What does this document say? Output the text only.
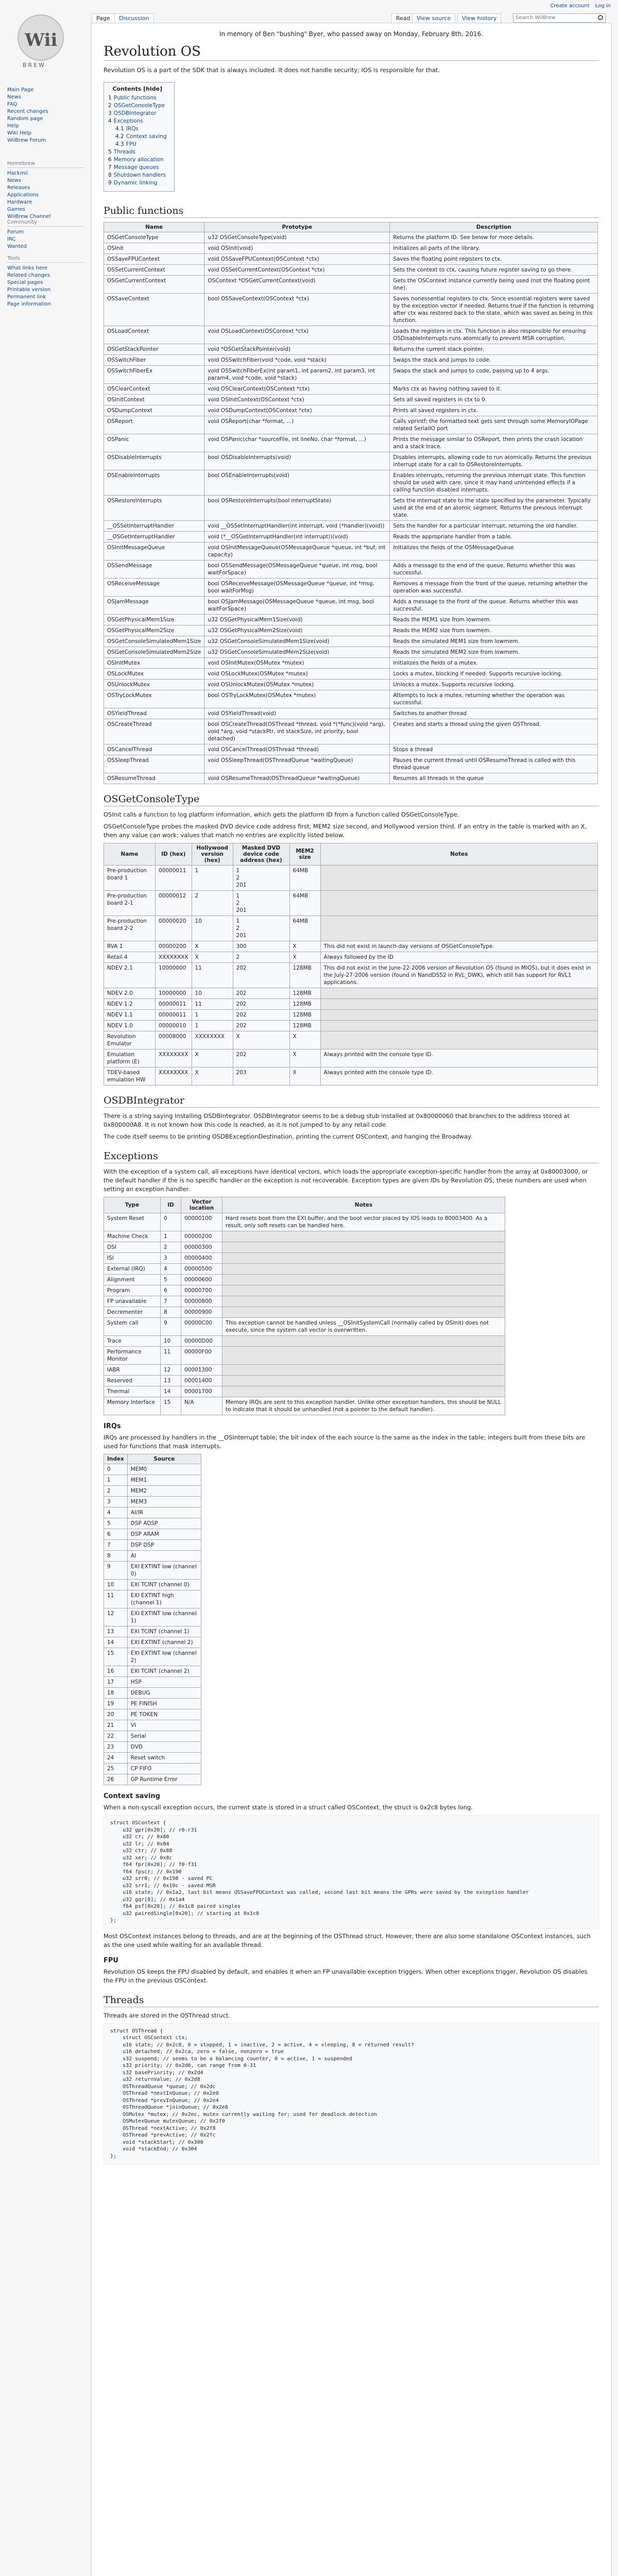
Wii
BREW
Main Page
News
FAQ
Recent changes
Random page
Help
Wiki Help
WiiBrew Forum
Homebrew
Hackmii
News
Releases
Applications
Hardware
Games
WiiBrew Channel
Community
Forum
IRC
Wanted
Tools
What links here
Related changes
Special pages
Printable version
Permanent link
Page information
Create account Log in
Page	Discussion	Read	View source	View history	Search WiiBrew
In memory of Ben "bushing" Byer, who passed away on Monday, February 8th, 2016.
Revolution OS

Revolution OS is a part of the SDK that is always included. It does not handle security; IOS is responsible for that.

Contents [hide]
1 Public functions
2 OSGetConsoleType
3 OSDBIntegrator
4 Exceptions
4.1 IRQs
4.2 Context saving
4.3 FPU
5 Threads
6 Memory allocation
7 Message queues
8 Shutdown handlers
9 Dynamic linking
Public functions
Name	Prototype	Description
OSGetConsoleType	u32 OSGetConsoleType(void)	Returns the platform ID. See below for more details.
OSInit	void OSInit(void)	Initializes all parts of the library.
OSSaveFPUContext	void OSSaveFPUContext(OSContext *ctx)	Saves the floating point registers to ctx.
OSSetCurrentContext	void OSSetCurrentContext(OSContext *ctx)	Sets the context to ctx, causing future register saving to go there.
OSGetCurrentContext	OSContext *OSGetCurrentContext(void)	Gets the OSContext instance currently being used (not the floating point one).
OSSaveContext	bool OSSaveContext(OSContext *ctx)	Saves nonessential registers to ctx. Since essential registers were saved by the exception vector if needed. Returns true if the function is returning after ctx was restored back to the state, which was saved as being in this function.
OSLoadContext	void OSLoadContext(OSContext *ctx)	Loads the registers in ctx. This function is also responsible for ensuring OSDisableInterrupts runs atomically to prevent MSR corruption.
OSGetStackPointer	void *OSGetStackPointer(void)	Returns the current stack pointer.
OSSwitchFiber	void OSSwitchFiber(void *code, void *stack)	Swaps the stack and jumps to code.
OSSwitchFiberEx	void OSSwitchFiberEx(int param1, int param2, int param3, int param4, void *code, void *stack)	Swaps the stack and jumps to code, passing up to 4 args.
OSClearContext	void OSClearContext(OSContext *ctx)	Marks ctx as having nothing saved to it.
OSInitContext	void OSInitContext(OSContext *ctx)	Sets all saved registers in ctx to 0.
OSDumpContext	void OSDumpContext(OSContext *ctx)	Prints all saved registers in ctx.
OSReport	void OSReport(char *format, ...)	Calls vprintf; the formatted text gets sent through some MemoryIOPage related SerialIO port
OSPanic	void OSPanic(char *sourceFile, int lineNo, char *format, ...)	Prints the message similar to OSReport, then prints the crash location and a stack trace.
OSDisableInterrupts	bool OSDisableInterrupts(void)	Disables interrupts, allowing code to run atomically. Returns the previous interrupt state for a call to OSRestoreInterrupts.
OSEnableInterrupts	bool OSEnableInterrupts(void)	Enables interrupts, returning the previous interrupt state. This function should be used with care, since it may hand unintended effects if a calling function disabled interrupts.
OSRestoreInterrupts	bool OSRestoreInterrupts(bool interruptState)	Sets the interrupt state to the state specified by the parameter. Typically used at the end of an atomic segment. Returns the previous interrupt state.
__OSSetInterruptHandler	void __OSSetInterruptHandler(int interrupt, void (*handler)(void))	Sets the handler for a particular interrupt, returning the old handler.
__OSGetInterruptHandler	void (*__OSGetInterruptHandler(int interrupt))(void)	Reads the appropriate handler from a table.
OSInitMessageQueue	void OSInitMessageQueue(OSMessageQueue *queue, int *buf, int capacity)	Initializes the fields of the OSMessageQueue
OSSendMessage	bool OSSendMessage(OSMessageQueue *queue, int msg, bool waitForSpace)	Adds a message to the end of the queue. Returns whether this was successful.
OSReceiveMessage	bool OSReceiveMessage(OSMessageQueue *queue, int *msg, bool waitForMsg)	Removes a message from the front of the queue, returning whether the operation was successful.
OSJamMessage	bool OSJamMessage(OSMessageQueue *queue, int msg, bool waitForSpace)	Adds a message to the front of the queue. Returns whether this was successful.
OSGetPhysicalMem1Size	u32 OSGetPhysicalMem1Size(void)	Reads the MEM1 size from lowmem.
OSGetPhysicalMem2Size	u32 OSGetPhysicalMem2Size(void)	Reads the MEM2 size from lowmem.
OSGetConsoleSimulatedMem1Size	u32 OSGetConsoleSimulatedMem1Size(void)	Reads the simulated MEM1 size from lowmem.
OSGetConsoleSimulatedMem2Size	u32 OSGetConsoleSimulatedMem2Size(void)	Reads the simulated MEM2 size from lowmem.
OSInitMutex	void OSInitMutex(OSMutex *mutex)	Initializes the fields of a mutex.
OSLockMutex	void OSLockMutex(OSMutex *mutex)	Locks a mutex, blocking if needed. Supports recursive locking.
OSUnlockMutex	void OSUnlockMutex(OSMutex *mutex)	Unlocks a mutex. Supports recursive locking.
OSTryLockMutex	bool OSTryLockMutex(OSMutex *mutex)	Attempts to lock a mutex, returning whether the operation was successful.
OSYieldThread	void OSYieldThread(void)	Switches to another thread
OSCreateThread	bool OSCreateThread(OSThread *thread, void *(*func)(void *arg), void *arg, void *stackPtr, int stackSize, int priority, bool detached)	Creates and starts a thread using the given OSThread.
OSCancelThread	void OSCancelThread(OSThread *thread)	Stops a thread
OSSleepThread	void OSSleepThread(OSThreadQueue *waitingQueue)	Pauses the current thread until OSResumeThread is called with this thread queue
OSResumeThread	void OSResumeThread(OSThreadQueue *waitingQueue)	Resumes all threads in the queue
OSGetConsoleType

OSInit calls a function to log platform information, which gets the platform ID from a function called OSGetConsoleType.

OSGetConsoleType probes the masked DVD device code address first, MEM2 size second, and Hollywood version third. If an entry in the table is marked with an X, then any value can work; values that match no entries are explicitly listed below.

Name	ID (hex)	Hollywood version (hex)	Masked DVD device code address (hex)	MEM2 size	Notes
Pre-production board 1	00000011	1	1
2
201	64MB	
Pre-production board 2-1	00000012	2	1
2
201	64MB	
Pre-production board 2-2	00000020	10	1
2
201	64MB	
RVA 1	00000200	X	300	X	This did not exist in launch-day versions of OSGetConsoleType.
Retail 4	XXXXXXXX	X	2	X	Always followed by the ID
NDEV 2.1	10000000	11	202	128MB	This did not exist in the June-22-2006 version of Revolution OS (found in MIOS), but it does exist in the July-27-2006 version (found in NandDS52 in RVL_DWK), which still has support for RVL1 applications.
NDEV 2.0	10000000	10	202	128MB	
NDEV 1.2	00000011	11	202	128MB	
NDEV 1.1	00000011	1	202	128MB	
NDEV 1.0	00000010	1	202	128MB	
Revolution Emulator	00008000	XXXXXXXX	X	X	
Emulation platform (E)	XXXXXXXX	X	202	X	Always printed with the console type ID.
TDEV-based emulation HW	XXXXXXXX	X	203	X	Always printed with the console type ID.
OSDBIntegrator

There is a string saying Installing OSDBIntegrator. OSDBIntegrator seems to be a debug stub installed at 0x80000060 that branches to the address stored at 0x800000A8. It is not known how this code is reached, as it is not jumped to by any retail code.

The code itself seems to be printing OSDBExceptionDestination, printing the current OSContext, and hanging the Broadway.

Exceptions

With the exception of a system call, all exceptions have identical vectors, which loads the appropriate exception-specific handler from the array at 0x80003000, or the default handler if the is no specific handler or the exception is not recoverable. Exception types are given IDs by Revolution OS; these numbers are used when setting an exception handler.

Type	ID	Vector location	Notes
System Reset	0	00000100	Hard resets boot from the EXI buffer, and the boot vector placed by IOS leads to 80003400. As a result, only soft resets can be handled here.
Machine Check	1	00000200	
DSI	2	00000300	
ISI	3	00000400	
External (IRQ)	4	00000500	
Alignment	5	00000600	
Program	6	00000700	
FP unavailable	7	00000800	
Decrementer	8	00000900	
System call	9	00000C00	This exception cannot be handled unless __OSInitSystemCall (normally called by OSInit) does not execute, since the system call vector is overwritten.
Trace	10	00000D00	
Performance Monitor	11	00000F00	
IABR	12	00001300	
Reserved	13	00001400	
Thermal	14	00001700	
Memory Interface	15	N/A	Memory IRQs are sent to this exception handler. Unlike other exception handlers, this should be NULL to indicate that it should be unhandled (not a pointer to the default handler).
IRQs

IRQs are processed by handlers in the __OSInterrupt table; the bit index of the each source is the same as the index in the table; integers built from these bits are used for functions that mask interrupts.

Index	Source
0	MEM0
1	MEM1
2	MEM2
3	MEM3
4	AI/IR
5	DSP ADSP
6	DSP ARAM
7	DSP DSP
8	AI
9	EXI EXTINT low (channel 0)
10	EXI TCINT (channel 0)
11	EXI EXTINT high (channel 1)
12	EXI EXTINT low (channel 1)
13	EXI TCINT (channel 1)
14	EXI EXTINT (channel 2)
15	EXI EXTINT low (channel 2)
16	EXI TCINT (channel 2)
17	HSP
18	DEBUG
19	PE FINISH
20	PE TOKEN
21	VI
22	Serial
23	DVD
24	Reset switch
25	CP FIFO
26	GP Runtime Error
Context saving

When a non-syscall exception occurs, the current state is stored in a struct called OSContext, the struct is 0x2c8 bytes long.

struct OSContext {
u32 gpr[0x20]; // r0-r31
u32 cr; // 0x80
u32 lr; // 0x84
u32 ctr; // 0x88
u32 xer; // 0x8c
f64 fpr[0x20]; // f0-f31
f64 fpscr; // 0x190
u32 srr0; // 0x198 - saved PC
u32 srr1; // 0x19c - saved MSR
u16 state; // 0x1a2, last bit means OSSaveFPUContext was called, second last bit means the GPRs were saved by the exception handler
u32 gqr[8]; // 0x1a4
f64 psf[0x20]; // 0x1c8 paired singles
u32 pairedSingle[0x20]; // starting at 0x1c8
};

Most OSContext instances belong to threads, and are at the beginning of the OSThread struct. However, there are also some standalone OSContext instances, such as the one used while waiting for an available thread.

FPU

Revolution OS keeps the FPU disabled by default, and enables it when an FP unavailable exception triggers. When other exceptions trigger, Revolution OS disables the FPU in the previous OSContext.

Threads

Threads are stored in the OSThread struct.

struct OSThread {
struct OSContext ctx;
u16 state; // 0x2c8, 0 = stopped, 1 = inactive, 2 = active, 4 = sleeping, 8 = returned result?
u16 detached; // 0x2ca, zero = false, nonzero = true
s32 suspend; // seems to be a balancing counter, 0 = active, 1 = suspended
s32 priority; // 0x2d0, can range from 0-31
s32 basePriority; // 0x2d4
u32 returnValue; // 0x2d8
OSThreadQueue *queue; // 0x2dc
OSThread *nextInQueue; // 0x2e0
OSThread *prevInQueue; // 0x2e4
OSThreadQueue *joinQueue; // 0x2e8
OSMutex *mutex; // 0x2ec, mutex currently waiting for; used for deadlock detection
OSMutexQueue mutexQueue; // 0x2f0
OSThread *nextActive; // 0x2f8
OSThread *prevActive; // 0x2fc
void *stackStart; // 0x300
void *stackEnd; // 0x304
};
